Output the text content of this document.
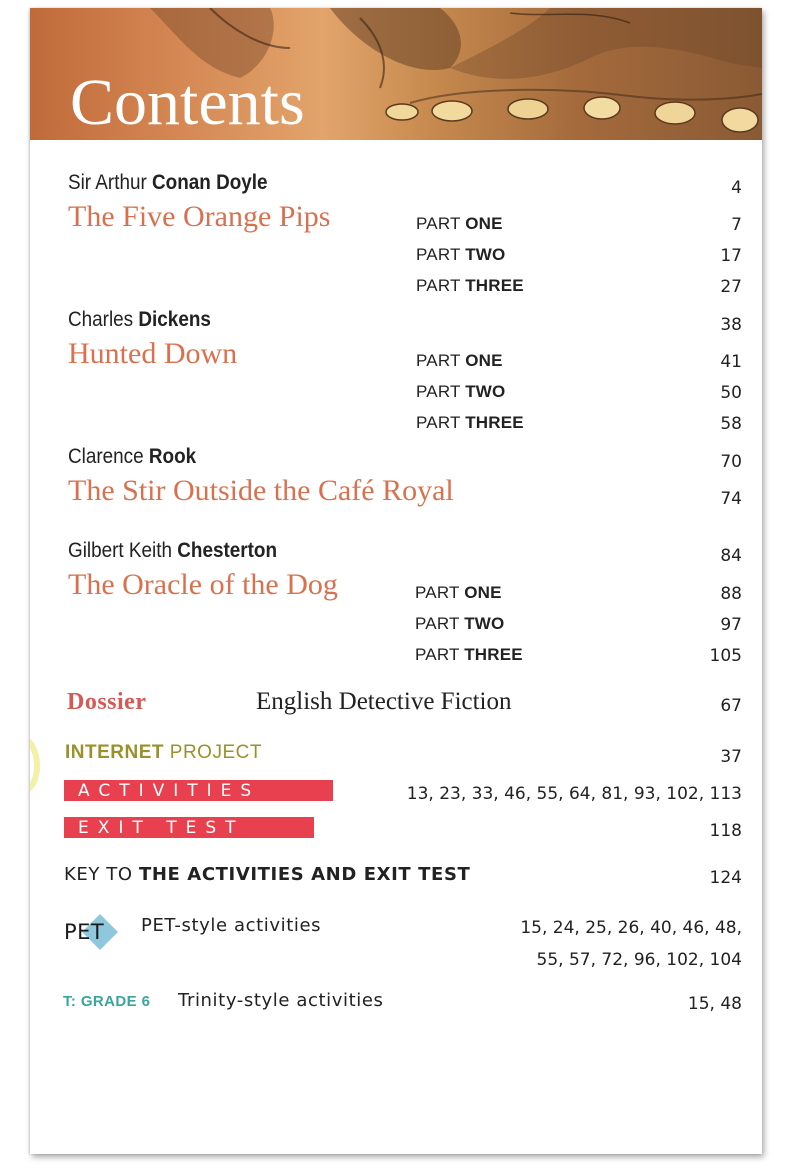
Contents
Sir Arthur Conan Doyle	4
The Five Orange Pips	PART ONE	7
PART TWO	17
PART THREE	27
Charles Dickens	38
Hunted Down	PART ONE	41
PART TWO	50
PART THREE	58
Clarence Rook	70
The Stir Outside the Café Royal	74
Gilbert Keith Chesterton	84
The Oracle of the Dog	PART ONE	88
PART TWO	97
PART THREE	105
Dossier	English Detective Fiction	67
INTERNET PROJECT	37
ACTIVITIES	13, 23, 33, 46, 55, 64, 81, 93, 102, 113
EXIT TEST	118
KEY TO THE ACTIVITIES AND EXIT TEST	124
PET PET-style activities	15, 24, 25, 26, 40, 46, 48,
55, 57, 72, 96, 102, 104
T: GRADE 6 Trinity-style activities	15, 48
